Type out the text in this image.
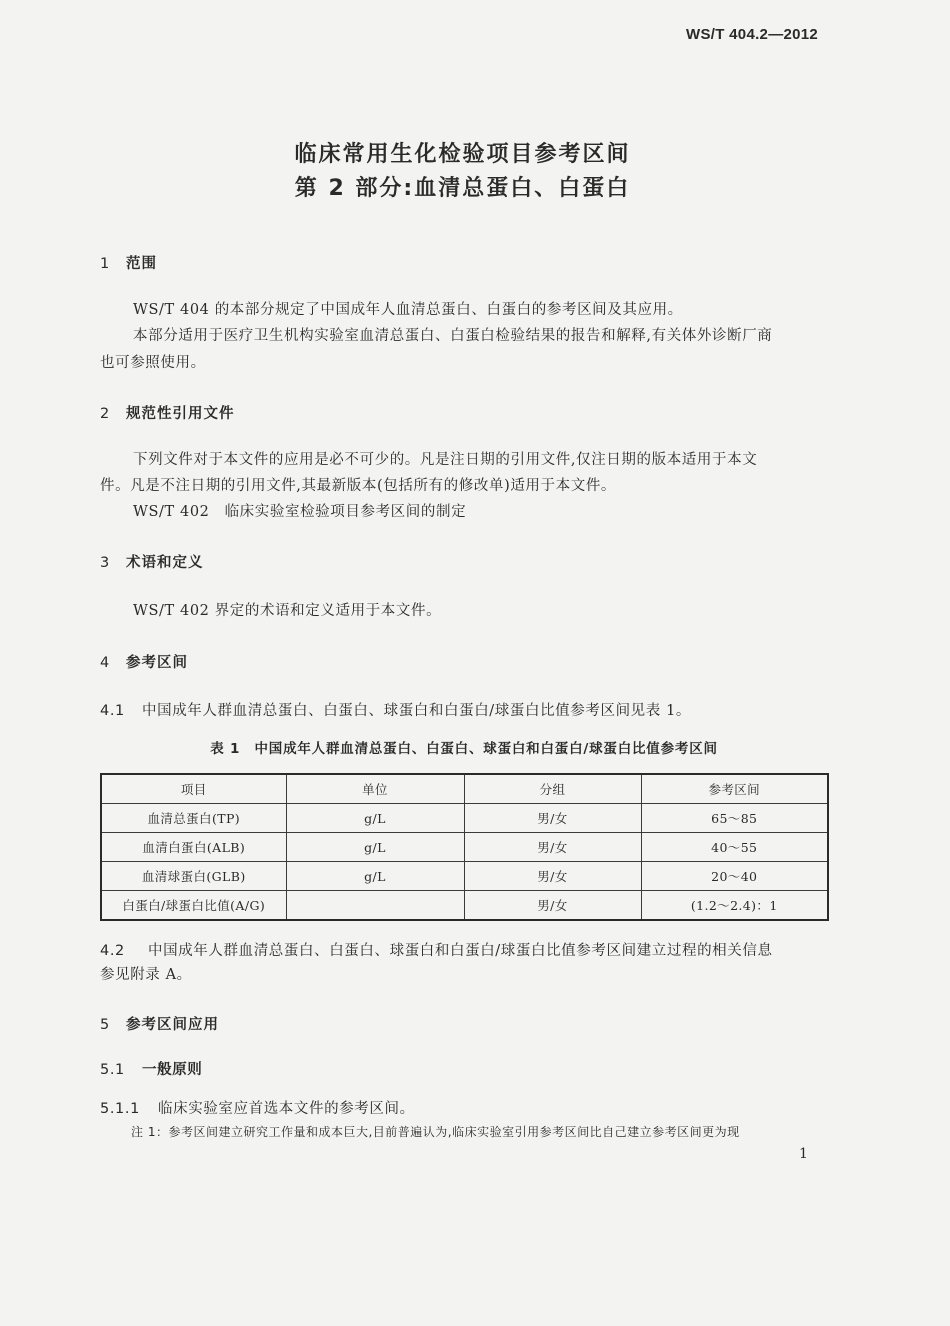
WS/T 404.2—2012
临床常用生化检验项目参考区间
第 2 部分:血清总蛋白、白蛋白
1 范围
WS/T 404 的本部分规定了中国成年人血清总蛋白、白蛋白的参考区间及其应用。
本部分适用于医疗卫生机构实验室血清总蛋白、白蛋白检验结果的报告和解释,有关体外诊断厂商
也可参照使用。
2 规范性引用文件
下列文件对于本文件的应用是必不可少的。凡是注日期的引用文件,仅注日期的版本适用于本文
件。凡是不注日期的引用文件,其最新版本(包括所有的修改单)适用于本文件。
WS/T 402　临床实验室检验项目参考区间的制定
3 术语和定义
WS/T 402 界定的术语和定义适用于本文件。
4 参考区间
4.1 中国成年人群血清总蛋白、白蛋白、球蛋白和白蛋白/球蛋白比值参考区间见表 1。
表 1　中国成年人群血清总蛋白、白蛋白、球蛋白和白蛋白/球蛋白比值参考区间
项目	单位	分组	参考区间
血清总蛋白(TP)	g/L	男/女	65～85
血清白蛋白(ALB)	g/L	男/女	40～55
血清球蛋白(GLB)	g/L	男/女	20～40
白蛋白/球蛋白比值(A/G)		男/女	(1.2～2.4)：1
4.2 中国成年人群血清总蛋白、白蛋白、球蛋白和白蛋白/球蛋白比值参考区间建立过程的相关信息
参见附录 A。
5 参考区间应用
5.1 一般原则
5.1.1 临床实验室应首选本文件的参考区间。
注 1：参考区间建立研究工作量和成本巨大,目前普遍认为,临床实验室引用参考区间比自己建立参考区间更为现
1
